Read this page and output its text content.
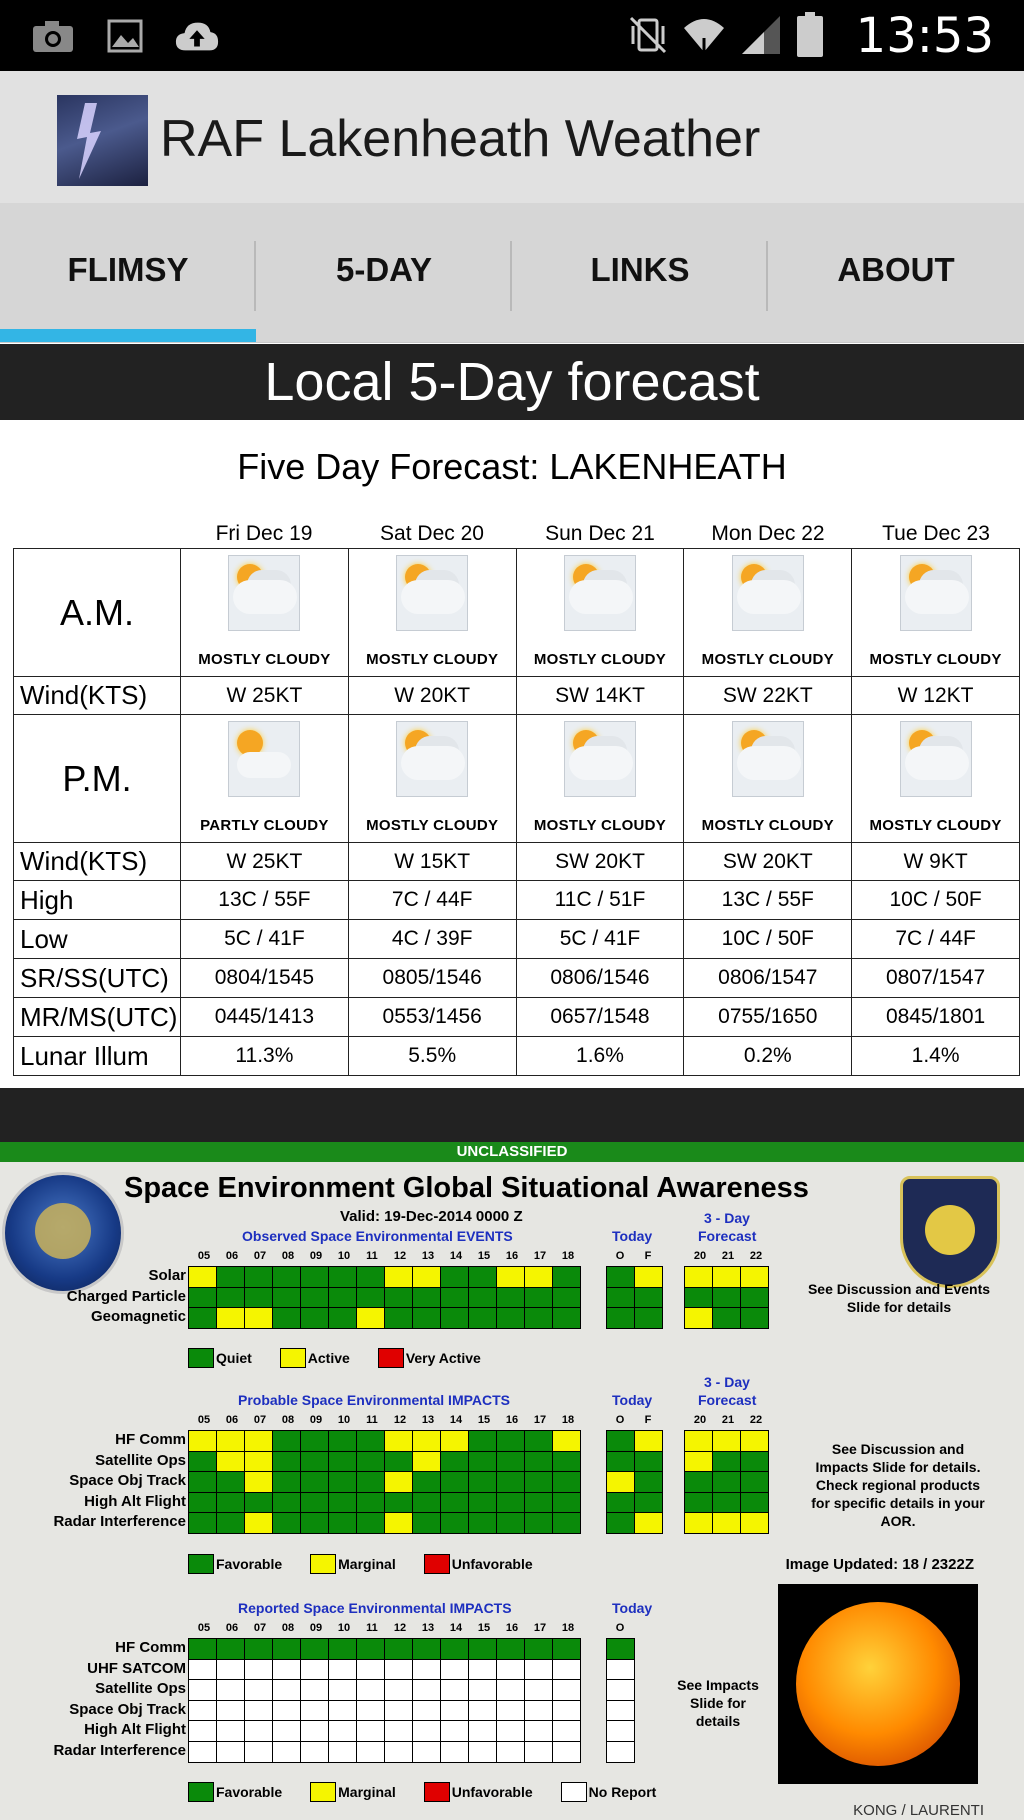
13:53
RAF Lakenheath Weather
FLIMSY	5-DAY	LINKS	ABOUT
Local 5-Day forecast
Five Day Forecast: LAKENHEATH
Fri Dec 19	Sat Dec 20	Sun Dec 21	Mon Dec 22	Tue Dec 23
A.M.	MOSTLY CLOUDY	MOSTLY CLOUDY	MOSTLY CLOUDY	MOSTLY CLOUDY	MOSTLY CLOUDY

Wind(KTS)	W 25KT	W 20KT	SW 14KT	SW 22KT	W 12KT
P.M.	PARTLY CLOUDY	MOSTLY CLOUDY	MOSTLY CLOUDY	MOSTLY CLOUDY	MOSTLY CLOUDY

Wind(KTS)	W 25KT	W 15KT	SW 20KT	SW 20KT	W 9KT
High	13C / 55F	7C / 44F	11C / 51F	13C / 55F	10C / 50F
Low	5C / 41F	4C / 39F	5C / 41F	10C / 50F	7C / 44F
SR/SS(UTC)	0804/1545	0805/1546	0806/1546	0806/1547	0807/1547
MR/MS(UTC)	0445/1413	0553/1456	0657/1548	0755/1650	0845/1801
Lunar Illum	11.3%	5.5%	1.6%	0.2%	1.4%
UNCLASSIFIED
Space Environment Global Situational Awareness
Valid: 19-Dec-2014 0000 Z
Observed Space Environmental EVENTS	Today
3 - Day
Forecast
05	06	07	08	09	10	11	12	13	14	15	16	17	18	O	F	20	21	22
Solar
Charged Particle
Geomagnetic
See Discussion and Events
Slide for details
Quiet	Active	Very Active
Probable Space Environmental IMPACTS	Today
3 - Day
Forecast
05	06	07	08	09	10	11	12	13	14	15	16	17	18	O	F	20	21	22
HF Comm
Satellite Ops
Space Obj Track
High Alt Flight
Radar Interference
See Discussion and
Impacts Slide for details.
Check regional products
for specific details in your
AOR.
Favorable	Marginal	Unfavorable	Image Updated: 18 / 2322Z
Reported Space Environmental IMPACTS	Today
05	06	07	08	09	10	11	12	13	14	15	16	17	18	O
HF Comm
UHF SATCOM
Satellite Ops
Space Obj Track
High Alt Flight
Radar Interference
See Impacts
Slide for
details
Favorable	Marginal	Unfavorable	No Report
KONG / LAURENTI
